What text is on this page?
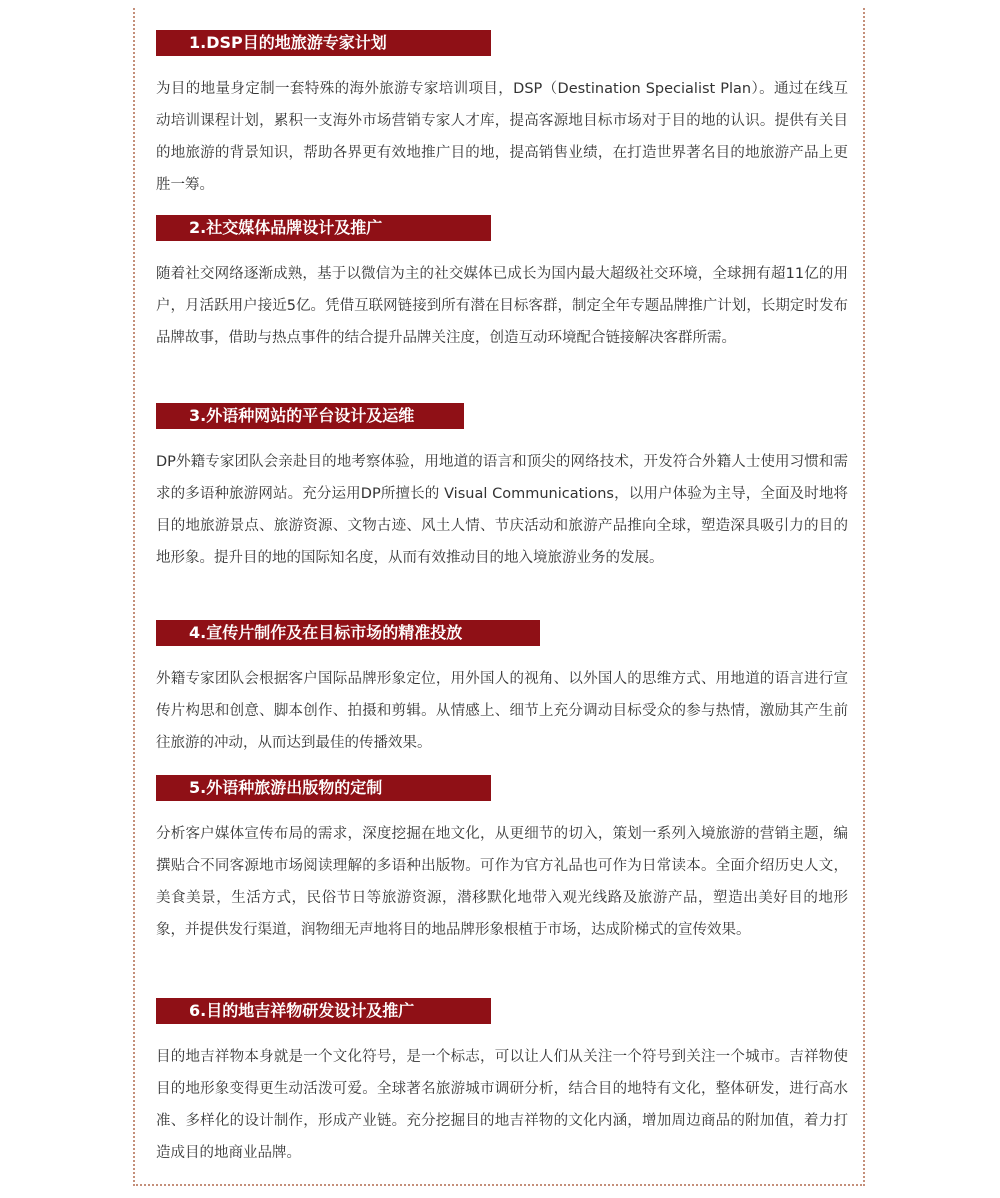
1.DSP目的地旅游专家计划

为目的地量身定制一套特殊的海外旅游专家培训项目，DSP（Destination Specialist Plan）。通过在线互动培训课程计划，累积一支海外市场营销专家人才库，提高客源地目标市场对于目的地的认识。提供有关目的地旅游的背景知识，帮助各界更有效地推广目的地，提高销售业绩，在打造世界著名目的地旅游产品上更胜一筹。

2.社交媒体品牌设计及推广

随着社交网络逐渐成熟，基于以微信为主的社交媒体已成长为国内最大超级社交环境，全球拥有超11亿的用户，月活跃用户接近5亿。凭借互联网链接到所有潜在目标客群，制定全年专题品牌推广计划，长期定时发布品牌故事，借助与热点事件的结合提升品牌关注度，创造互动环境配合链接解决客群所需。

3.外语种网站的平台设计及运维

DP外籍专家团队会亲赴目的地考察体验，用地道的语言和顶尖的网络技术，开发符合外籍人士使用习惯和需求的多语种旅游网站。充分运用DP所擅长的 Visual Communications，以用户体验为主导，全面及时地将目的地旅游景点、旅游资源、文物古迹、风土人情、节庆活动和旅游产品推向全球，塑造深具吸引力的目的地形象。提升目的地的国际知名度，从而有效推动目的地入境旅游业务的发展。

4.宣传片制作及在目标市场的精准投放

外籍专家团队会根据客户国际品牌形象定位，用外国人的视角、以外国人的思维方式、用地道的语言进行宣传片构思和创意、脚本创作、拍摄和剪辑。从情感上、细节上充分调动目标受众的参与热情，激励其产生前往旅游的冲动，从而达到最佳的传播效果。

5.外语种旅游出版物的定制

分析客户媒体宣传布局的需求，深度挖掘在地文化，从更细节的切入，策划一系列入境旅游的营销主题，编撰贴合不同客源地市场阅读理解的多语种出版物。可作为官方礼品也可作为日常读本。全面介绍历史人文，美食美景，生活方式，民俗节日等旅游资源，潜移默化地带入观光线路及旅游产品，塑造出美好目的地形象，并提供发行渠道，润物细无声地将目的地品牌形象根植于市场，达成阶梯式的宣传效果。

6.目的地吉祥物研发设计及推广

目的地吉祥物本身就是一个文化符号，是一个标志，可以让人们从关注一个符号到关注一个城市。吉祥物使目的地形象变得更生动活泼可爱。全球著名旅游城市调研分析，结合目的地特有文化，整体研发，进行高水准、多样化的设计制作，形成产业链。充分挖掘目的地吉祥物的文化内涵，增加周边商品的附加值，着力打造成目的地商业品牌。
